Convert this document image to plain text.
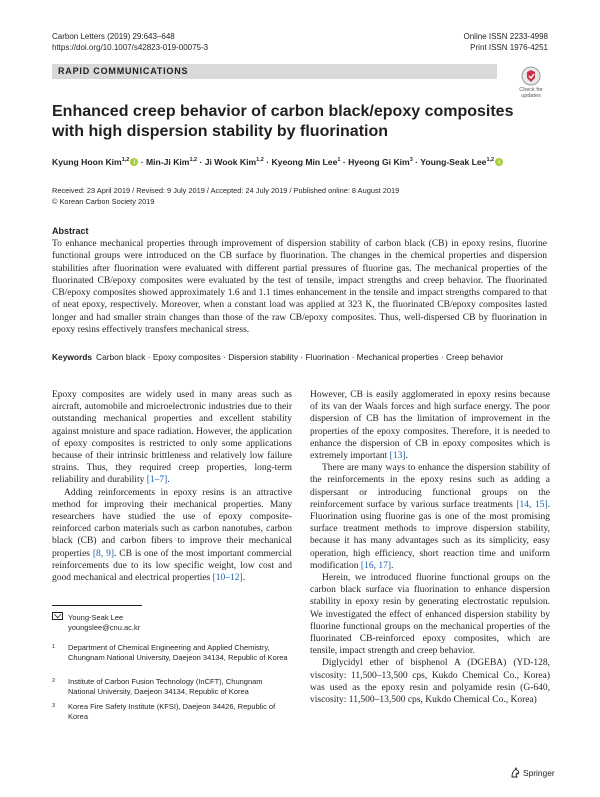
Carbon Letters (2019) 29:643–648
https://doi.org/10.1007/s42823-019-00075-3
Online ISSN 2233-4998
Print ISSN 1976-4251
RAPID COMMUNICATIONS
Check for
updates
Enhanced creep behavior of carbon black/epoxy composites with high dispersion stability by fluorination
Kyung Hoon Kim$^{1,2}$i · Min-Ji Kim$^{1,2}$ · Ji Wook Kim$^{1,2}$ · Kyeong Min Lee$^1$ · Hyeong Gi Kim$^3$ · Young-Seak Lee$^{1,2}$i
Received: 23 April 2019 / Revised: 9 July 2019 / Accepted: 24 July 2019 / Published online: 8 August 2019
© Korean Carbon Society 2019
Abstract

To enhance mechanical properties through improvement of dispersion stability of carbon black (CB) in epoxy resins, fluorine functional groups were introduced on the CB surface by fluorination. The changes in the chemical properties and dispersion stabilities after fluorination were evaluated with different partial pressures of fluorine gas. The mechanical properties of the fluorinated CB/epoxy composites were evaluated by the test of tensile, impact strengths and creep behavior. The fluorinated CB/epoxy composites showed approximately 1.6 and 1.1 times enhancement in the tensile and impact strengths compared to that of neat epoxy, respectively. Moreover, when a constant load was applied at 323 K, the fluorinated CB/epoxy composites lasted longer and had smaller strain changes than those of the raw CB/epoxy composites. Thus, well-dispersed CB by fluorination in epoxy resins effectively transfers mechanical stress.

Keywords Carbon black · Epoxy composites · Dispersion stability · Fluorination · Mechanical properties · Creep behavior

Epoxy composites are widely used in many areas such as aircraft, automobile and microelectronic industries due to their outstanding mechanical properties and excellent stability against moisture and space radiation. However, the application of epoxy composites is restricted to only some applications because of their intrinsic brittleness and relatively low failure strains. Thus, they required creep properties, long-term reliability and durability [1–7].

Adding reinforcements in epoxy resins is an attractive method for improving their mechanical properties. Many researchers have studied the use of epoxy composite-reinforced carbon materials such as carbon nanotubes, carbon black (CB) and carbon fibers to improve their mechanical properties [8, 9]. CB is one of the most important commercial reinforcements due to its low specific weight, low cost and good mechanical and electrical properties [10–12].

However, CB is easily agglomerated in epoxy resins because of its van der Waals forces and high surface energy. The poor dispersion of CB has the limitation of improvement in the properties of the epoxy composites. Therefore, it is needed to enhance the dispersion of CB in epoxy composites which is extremely important [13].

There are many ways to enhance the dispersion stability of the reinforcements in the epoxy resins such as adding a dispersant or introducing functional groups on the reinforcement surface by various surface treatments [14, 15]. Fluorination using fluorine gas is one of the most promising surface treatment methods to improve dispersion stability, because it has many advantages such as its simplicity, easy operation, high efficiency, short reaction time and uniform modification [16, 17].

Herein, we introduced fluorine functional groups on the carbon black surface via fluorination to enhance dispersion stability in epoxy resin by generating electrostatic repulsion. We investigated the effect of enhanced dispersion stability by fluorine functional groups on the mechanical properties of the fluorinated CB-reinforced epoxy composites, which are tensile, impact strength and creep behavior.

Diglycidyl ether of bisphenol A (DGEBA) (YD-128, viscosity: 11,500–13,500 cps, Kukdo Chemical Co., Korea) was used as the epoxy resin and polyamide resin (G-640, viscosity: 11,500–13,500 cps, Kukdo Chemical Co., Korea)

Young-Seak Lee
youngslee@cnu.ac.kr
1 Department of Chemical Engineering and Applied Chemistry, Chungnam National University, Daejeon 34134, Republic of Korea
2 Institute of Carbon Fusion Technology (InCFT), Chungnam National University, Daejeon 34134, Republic of Korea
3 Korea Fire Safety Institute (KFSI), Daejeon 34426, Republic of Korea
Springer
